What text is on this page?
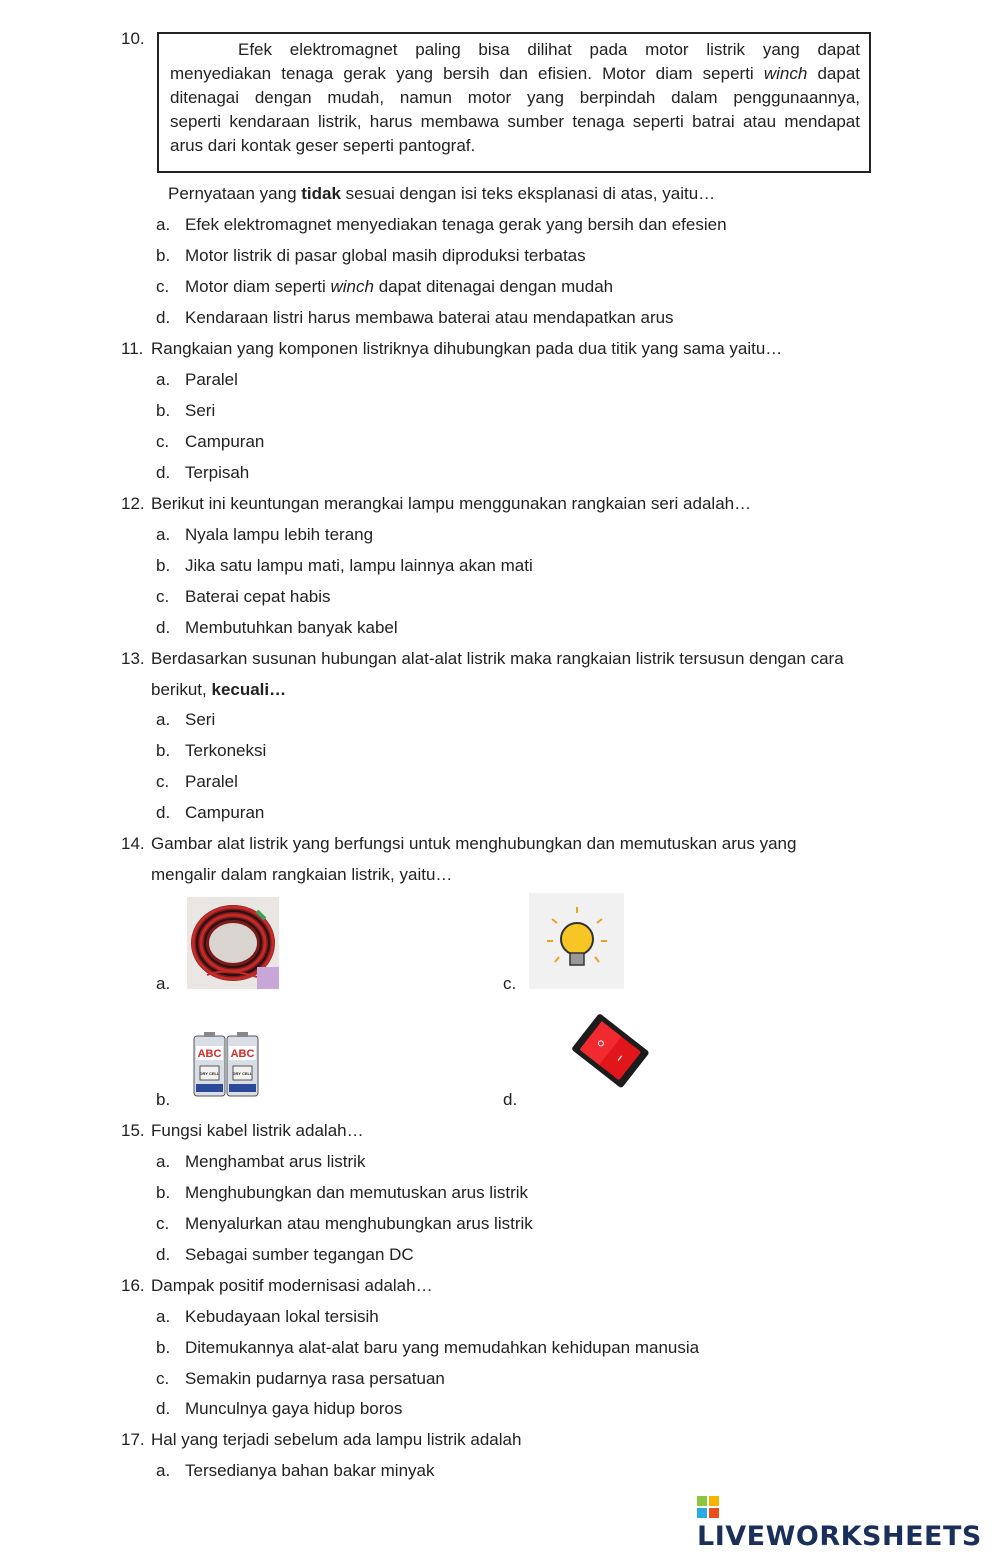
10.
Efek elektromagnet paling bisa dilihat pada motor listrik yang dapat
menyediakan tenaga gerak yang bersih dan efisien. Motor diam seperti winch dapat
ditenagai dengan mudah, namun motor yang berpindah dalam penggunaannya,
seperti kendaraan listrik, harus membawa sumber tenaga seperti batrai atau mendapat
arus dari kontak geser seperti pantograf.
Pernyataan yang tidak sesuai dengan isi teks eksplanasi di atas, yaitu…
a. Efek elektromagnet menyediakan tenaga gerak yang bersih dan efesien
b. Motor listrik di pasar global masih diproduksi terbatas
c. Motor diam seperti winch dapat ditenagai dengan mudah
d. Kendaraan listri harus membawa baterai atau mendapatkan arus
11. Rangkaian yang komponen listriknya dihubungkan pada dua titik yang sama yaitu…
a. Paralel
b. Seri
c. Campuran
d. Terpisah
12. Berikut ini keuntungan merangkai lampu menggunakan rangkaian seri adalah…
a. Nyala lampu lebih terang
b. Jika satu lampu mati, lampu lainnya akan mati
c. Baterai cepat habis
d. Membutuhkan banyak kabel
13. Berdasarkan susunan hubungan alat-alat listrik maka rangkaian listrik tersusun dengan cara
berikut, kecuali…
a. Seri
b. Terkoneksi
c. Paralel
d. Campuran
14. Gambar alat listrik yang berfungsi untuk menghubungkan dan memutuskan arus yang
mengalir dalam rangkaian listrik, yaitu…
a.	c.
b.
ABC ABC
DRY CELL	DRY CELL
d.
15. Fungsi kabel listrik adalah…
a. Menghambat arus listrik
b. Menghubungkan dan memutuskan arus listrik
c. Menyalurkan atau menghubungkan arus listrik
d. Sebagai sumber tegangan DC
16. Dampak positif modernisasi adalah…
a. Kebudayaan lokal tersisih
b. Ditemukannya alat-alat baru yang memudahkan kehidupan manusia
c. Semakin pudarnya rasa persatuan
d. Munculnya gaya hidup boros
17. Hal yang terjadi sebelum ada lampu listrik adalah
a. Tersedianya bahan bakar minyak
LIVEWORKSHEETS
